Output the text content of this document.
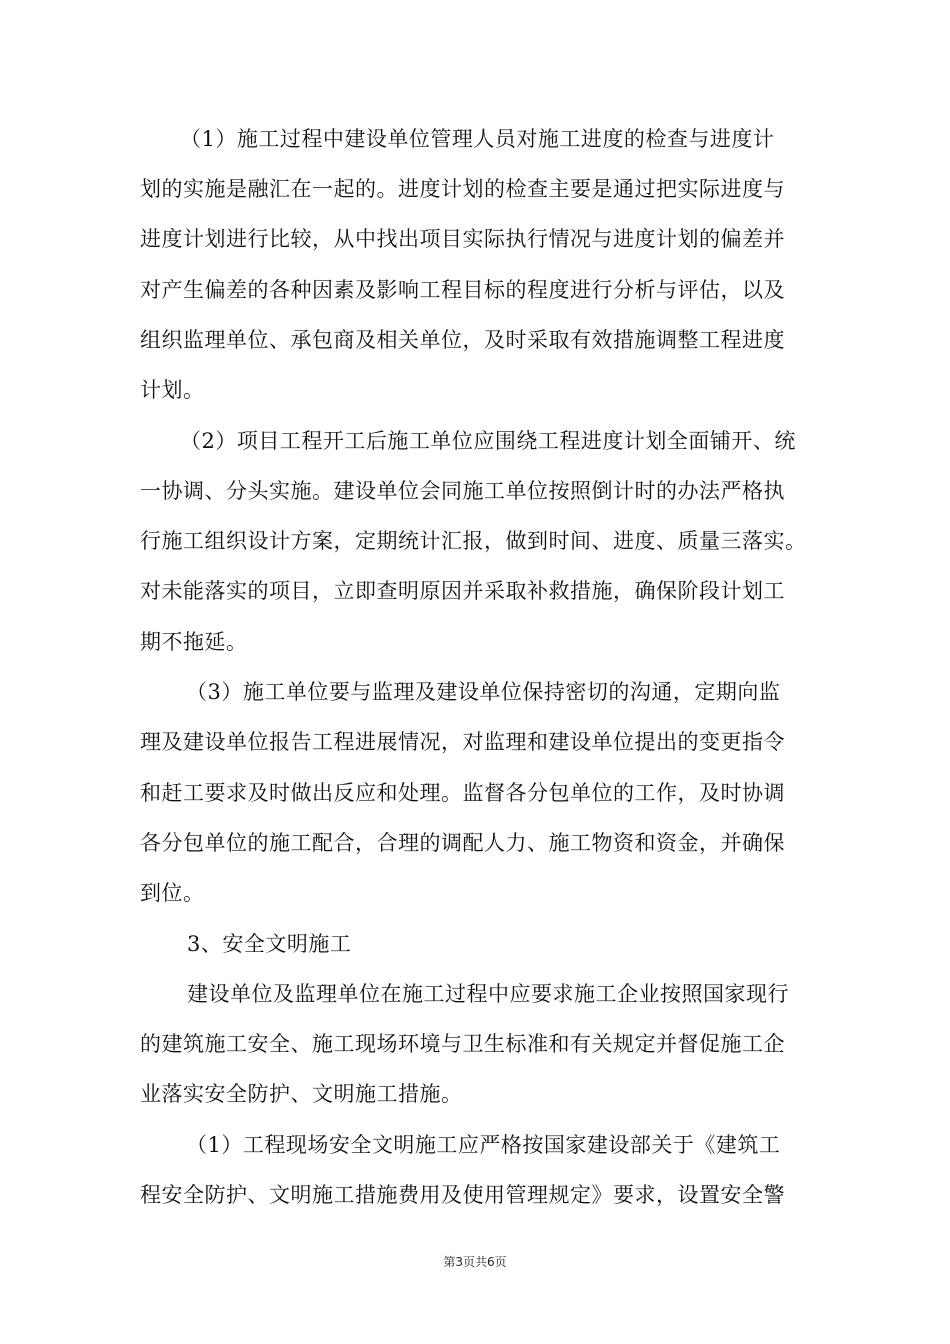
（1）施工过程中建设单位管理人员对施工进度的检查与进度计
划的实施是融汇在一起的。进度计划的检查主要是通过把实际进度与
进度计划进行比较，从中找出项目实际执行情况与进度计划的偏差并
对产生偏差的各种因素及影响工程目标的程度进行分析与评估，以及
组织监理单位、承包商及相关单位，及时采取有效措施调整工程进度
计划。
（2）项目工程开工后施工单位应围绕工程进度计划全面铺开、统
一协调、分头实施。建设单位会同施工单位按照倒计时的办法严格执
行施工组织设计方案，定期统计汇报，做到时间、进度、质量三落实。
对未能落实的项目，立即查明原因并采取补救措施，确保阶段计划工
期不拖延。
（3）施工单位要与监理及建设单位保持密切的沟通，定期向监
理及建设单位报告工程进展情况，对监理和建设单位提出的变更指令
和赶工要求及时做出反应和处理。监督各分包单位的工作，及时协调
各分包单位的施工配合，合理的调配人力、施工物资和资金，并确保
到位。
3、安全文明施工
建设单位及监理单位在施工过程中应要求施工企业按照国家现行
的建筑施工安全、施工现场环境与卫生标准和有关规定并督促施工企
业落实安全防护、文明施工措施。
（1）工程现场安全文明施工应严格按国家建设部关于《建筑工
程安全防护、文明施工措施费用及使用管理规定》要求，设置安全警
第3页共6页
